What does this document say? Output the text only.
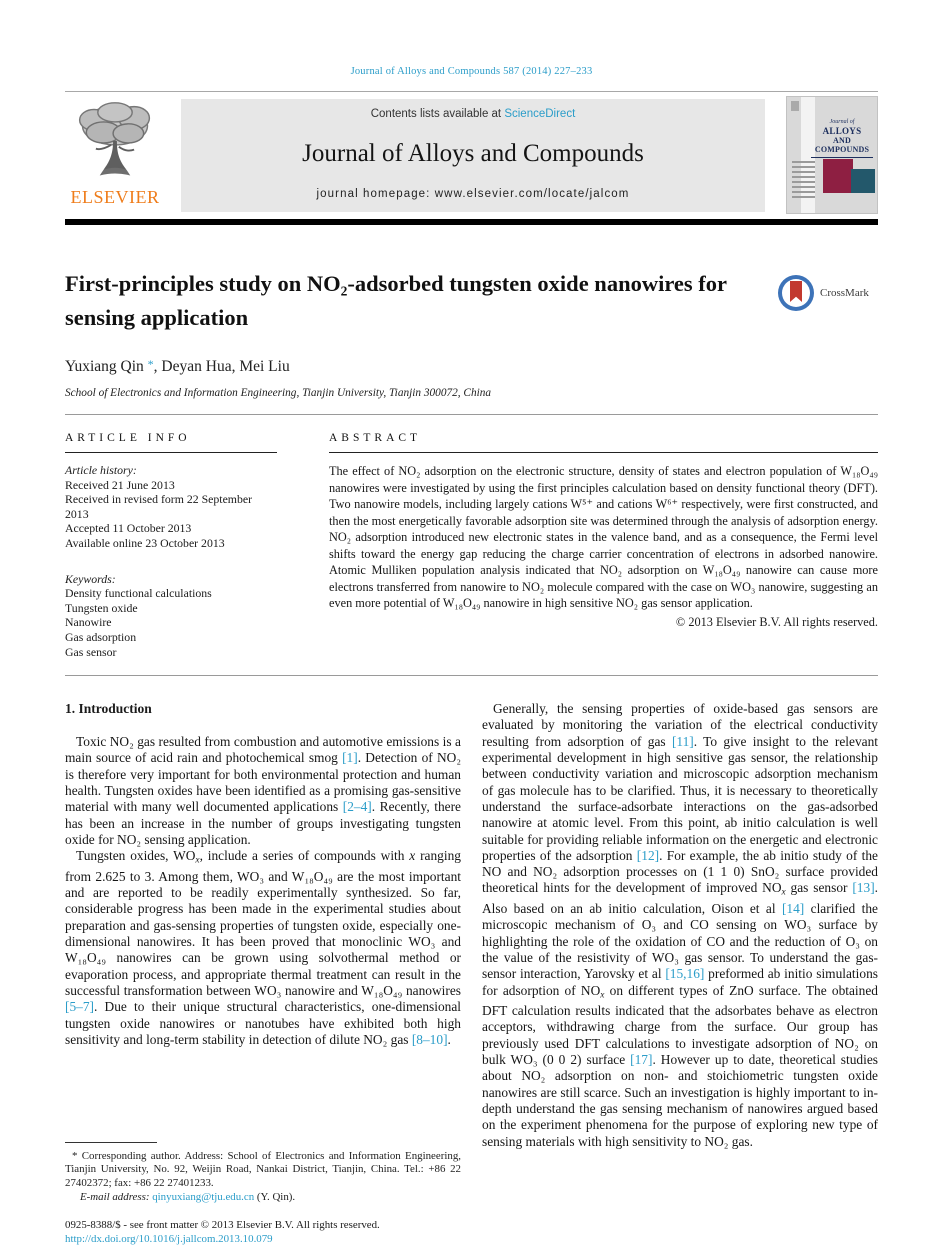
Journal of Alloys and Compounds 587 (2014) 227–233
ELSEVIER
Contents lists available at ScienceDirect
Journal of Alloys and Compounds
journal homepage: www.elsevier.com/locate/jalcom
Journal of
ALLOYS
AND COMPOUNDS
First-principles study on NO₂-adsorbed tungsten oxide nanowires for sensing application
CrossMark
Yuxiang Qin *, Deyan Hua, Mei Liu
School of Electronics and Information Engineering, Tianjin University, Tianjin 300072, China
ARTICLE INFO
Article history:
Received 21 June 2013
Received in revised form 22 September 2013
Accepted 11 October 2013
Available online 23 October 2013
Keywords:
Density functional calculations
Tungsten oxide
Nanowire
Gas adsorption
Gas sensor
ABSTRACT
The effect of NO₂ adsorption on the electronic structure, density of states and electron population of W₁₈O₄₉ nanowires were investigated by using the first principles calculation based on density functional theory (DFT). Two nanowire models, including largely cations W⁵⁺ and cations W⁶⁺ respectively, were first constructed, and then the most energetically favorable adsorption site was determined through the analysis of adsorption energy. NO₂ adsorption introduced new electronic states in the valence band, and as a consequence, the Fermi level shifts toward the energy gap reducing the charge carrier concentration of electrons in adsorbed nanowire. Atomic Mulliken population analysis indicated that NO₂ adsorption on W₁₈O₄₉ nanowire can cause more electrons transferred from nanowire to NO₂ molecule compared with the case on WO₃ nanowire, suggesting an even more potential of W₁₈O₄₉ nanowire in high sensitive NO₂ gas sensor application.
© 2013 Elsevier B.V. All rights reserved.
1. Introduction

Toxic NO₂ gas resulted from combustion and automotive emissions is a main source of acid rain and photochemical smog [1]. Detection of NO₂ is therefore very important for both environmental protection and human health. Tungsten oxides have been identified as a promising gas-sensitive material with many well documented applications [2–4]. Recently, there has been an increase in the number of groups investigating tungsten oxide for NO₂ sensing application.

Tungsten oxides, WOx, include a series of compounds with x ranging from 2.625 to 3. Among them, WO₃ and W₁₈O₄₉ are the most important and are reported to be readily experimentally synthesized. So far, considerable progress has been made in the experimental studies about preparation and gas-sensing properties of tungsten oxide, especially one-dimensional nanowires. It has been proved that monoclinic WO₃ and W₁₈O₄₉ nanowires can be grown using solvothermal method or evaporation process, and appropriate thermal treatment can result in the successful transformation between WO₃ nanowire and W₁₈O₄₉ nanowires [5–7]. Due to their unique structural characteristics, one-dimensional tungsten oxide nanowires or nanotubes have exhibited both high sensitivity and long-term stability in detection of dilute NO₂ gas [8–10].

* Corresponding author. Address: School of Electronics and Information Engineering, Tianjin University, No. 92, Weijin Road, Nankai District, Tianjin, China. Tel.: +86 22 27402372; fax: +86 22 27401233.

E-mail address: qinyuxiang@tju.edu.cn (Y. Qin).

0925-8388/$ - see front matter © 2013 Elsevier B.V. All rights reserved.
http://dx.doi.org/10.1016/j.jallcom.2013.10.079

Generally, the sensing properties of oxide-based gas sensors are evaluated by monitoring the variation of the electrical conductivity resulting from adsorption of gas [11]. To give insight to the relevant experimental development in high sensitive gas sensor, the relationship between conductivity variation and microscopic adsorption mechanism of gas molecule has to be clarified. Thus, it is necessary to theoretically understand the surface-adsorbate interactions on the gas-adsorbed nanowire at atomic level. From this point, ab initio calculation is well suitable for providing reliable information on the energetic and electronic properties of the adsorption [12]. For example, the ab initio study of the NO and NO₂ adsorption processes on (1 1 0) SnO₂ surface provided theoretical hints for the development of improved NOx gas sensor [13]. Also based on an ab initio calculation, Oison et al [14] clarified the microscopic mechanism of O₃ and CO sensing on WO₃ surface by highlighting the role of the oxidation of CO and the reduction of O₃ on the value of the resistivity of WO₃ gas sensor. To understand the gas-sensor interaction, Yarovsky et al [15,16] preformed ab initio simulations for adsorption of NOx on different types of ZnO surface. The obtained DFT calculation results indicated that the adsorbates behave as electron acceptors, withdrawing charge from the surface. Our group has previously used DFT calculations to investigate adsorption of NO₂ on bulk WO₃ (0 0 2) surface [17]. However up to date, theoretical studies about NO₂ adsorption on non- and stoichiometric tungsten oxide nanowires are still scarce. Such an investigation is highly important to in-depth understand the gas sensing mechanism of nanowires argued based on the experiment phenomena for the purpose of exploring new type of sensing materials with high sensitivity to NO₂ gas.
